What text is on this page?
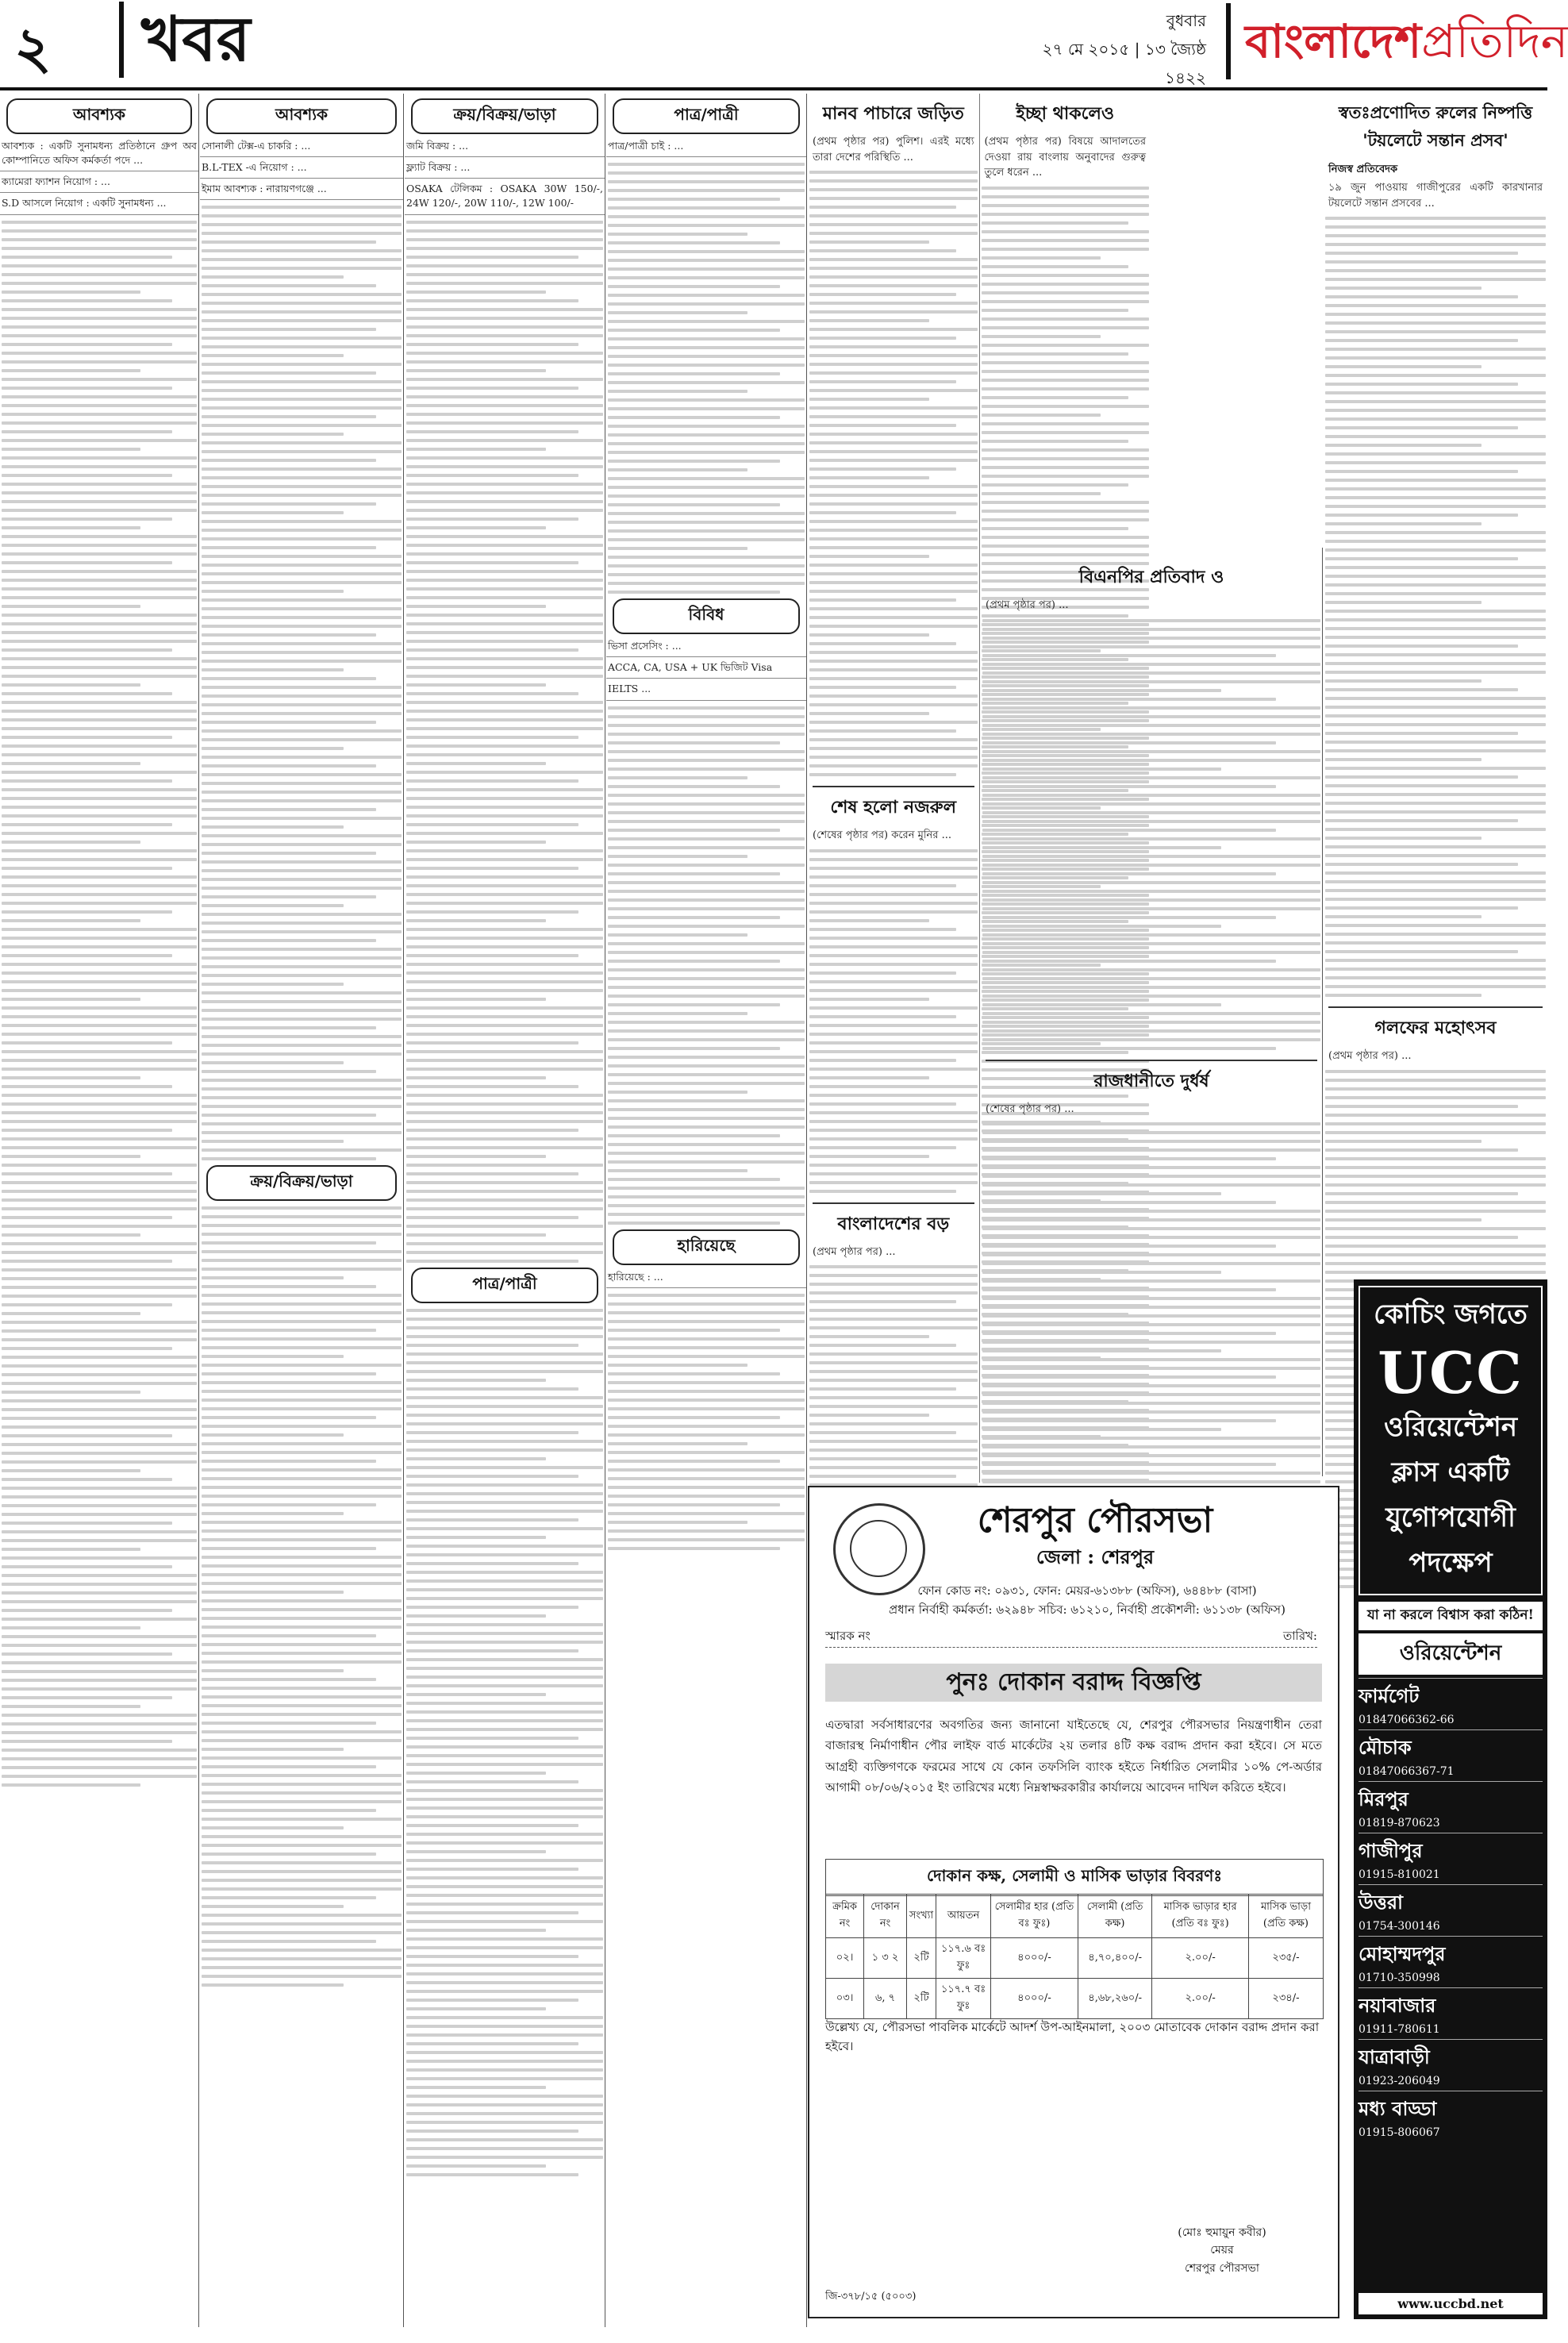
২	খবর	বুধবার
২৭ মে ২০১৫ | ১৩ জ্যৈষ্ঠ ১৪২২
বাংলাদেশপ্রতিদিন
আবশ্যক
আবশ্যক : একটি সুনামধন্য প্রতিষ্ঠানে গ্রুপ অব কোম্পানিতে অফিস কর্মকর্তা পদে ...
ক্যামেরা ফ্যাশন নিয়োগ : ...
S.D আসলে নিয়োগ : একটি সুনামধন্য ...
আবশ্যক
সোনালী টেক্স-এ চাকরি : ...
B.L-TEX -এ নিয়োগ : ...
ইমাম আবশ্যক : নারায়ণগঞ্জে ...
ক্রয়/বিক্রয়/ভাড়া
ক্রয়/বিক্রয়/ভাড়া
জমি বিক্রয় : ...
ফ্ল্যাট বিক্রয় : ...
OSAKA টেলিকম : OSAKA 30W 150/-, 24W 120/-, 20W 110/-, 12W 100/-
পাত্র/পাত্রী
পাত্র/পাত্রী
পাত্র/পাত্রী চাই : ...
বিবিধ
ভিসা প্রসেসিং : ...
ACCA, CA, USA + UK ভিজিট Visa
IELTS ...
হারিয়েছে
হারিয়েছে : ...
মানব পাচারে জড়িত
(প্রথম পৃষ্ঠার পর) পুলিশ। এরই মধ্যে তারা দেশের পরিস্থিতি ...
শেষ হলো নজরুল
(শেষের পৃষ্ঠার পর) করেন মুনির ...
বাংলাদেশের বড়
(প্রথম পৃষ্ঠার পর) ...
ইচ্ছা থাকলেও
(প্রথম পৃষ্ঠার পর) বিষয়ে আদালতের দেওয়া রায় বাংলায় অনুবাদের গুরুত্ব তুলে ধরেন ...
বিএনপির প্রতিবাদ ও
(প্রথম পৃষ্ঠার পর) ...
রাজধানীতে দুর্ধর্ষ
(শেষের পৃষ্ঠার পর) ...
স্বতঃপ্রণোদিত রুলের নিষ্পত্তি 'টয়লেটে সন্তান প্রসব'
নিজস্ব প্রতিবেদক
১৯ জুন পাওয়ায় গাজীপুরের একটি কারখানার টয়লেটে সন্তান প্রসবের ...
গলফের মহোৎসব
(প্রথম পৃষ্ঠার পর) ...
শেরপুর পৌরসভা
জেলা : শেরপুর
ফোন কোড নং: ০৯৩১, ফোন: মেয়র-৬১৩৮৮ (অফিস), ৬৪৪৮৮ (বাসা)
প্রধান নির্বাহী কর্মকর্তা: ৬২৯৪৮ সচিব: ৬১২১০, নির্বাহী প্রকৌশলী: ৬১১৩৮ (অফিস)
স্মারক নং	তারিখ:
পুনঃ দোকান বরাদ্দ বিজ্ঞপ্তি
এতদ্বারা সর্বসাধারণের অবগতির জন্য জানানো যাইতেছে যে, শেরপুর পৌরসভার নিয়ন্ত্রণাধীন তেরা বাজারস্থ নির্মাণাধীন পৌর লাইফ বার্ড মার্কেটের ২য় তলার ৪টি কক্ষ বরাদ্দ প্রদান করা হইবে। সে মতে আগ্রহী ব্যক্তিগণকে ফরমের সাথে যে কোন তফসিলি ব্যাংক হইতে নির্ধারিত সেলামীর ১০% পে-অর্ডার আগামী ০৮/০৬/২০১৫ ইং তারিখের মধ্যে নিম্নস্বাক্ষরকারীর কার্যালয়ে আবেদন দাখিল করিতে হইবে।
দোকান কক্ষ, সেলামী ও মাসিক ভাড়ার বিবরণঃ
ক্রমিক নং	দোকান নং	সংখ্যা	আয়তন	সেলামীর হার (প্রতি বঃ ফুঃ)	সেলামী (প্রতি কক্ষ)	মাসিক ভাড়ার হার (প্রতি বঃ ফুঃ)	মাসিক ভাড়া (প্রতি কক্ষ)
০২।	১ ৩ ২	২টি	১১৭.৬ বঃ ফুঃ	৪০০০/-	৪,৭০,৪০০/-	২.০০/-	২৩৫/-
০৩।	৬, ৭	২টি	১১৭.৭ বঃ ফুঃ	৪০০০/-	৪,৬৮,২৬০/-	২.০০/-	২৩৪/-
উল্লেখ্য যে, পৌরসভা পাবলিক মার্কেটে আদর্শ উপ-আইনমালা, ২০০৩ মোতাবেক দোকান বরাদ্দ প্রদান করা হইবে।
(মোঃ হুমায়ুন কবীর)
মেয়র
শেরপুর পৌরসভা
জি-৩৭৮/১৫ (৫০০৩)
কোচিং জগতে
UCC
ওরিয়েন্টেশন
ক্লাস একটি
যুগোপযোগী
পদক্ষেপ
যা না করলে বিশ্বাস করা কঠিন!
ওরিয়েন্টেশন
ফার্মগেট
01847066362-66
মৌচাক
01847066367-71
মিরপুর
01819-870623
গাজীপুর
01915-810021
উত্তরা
01754-300146
মোহাম্মদপুর
01710-350998
নয়াবাজার
01911-780611
যাত্রাবাড়ী
01923-206049
মধ্য বাড্ডা
01915-806067
www.uccbd.net
